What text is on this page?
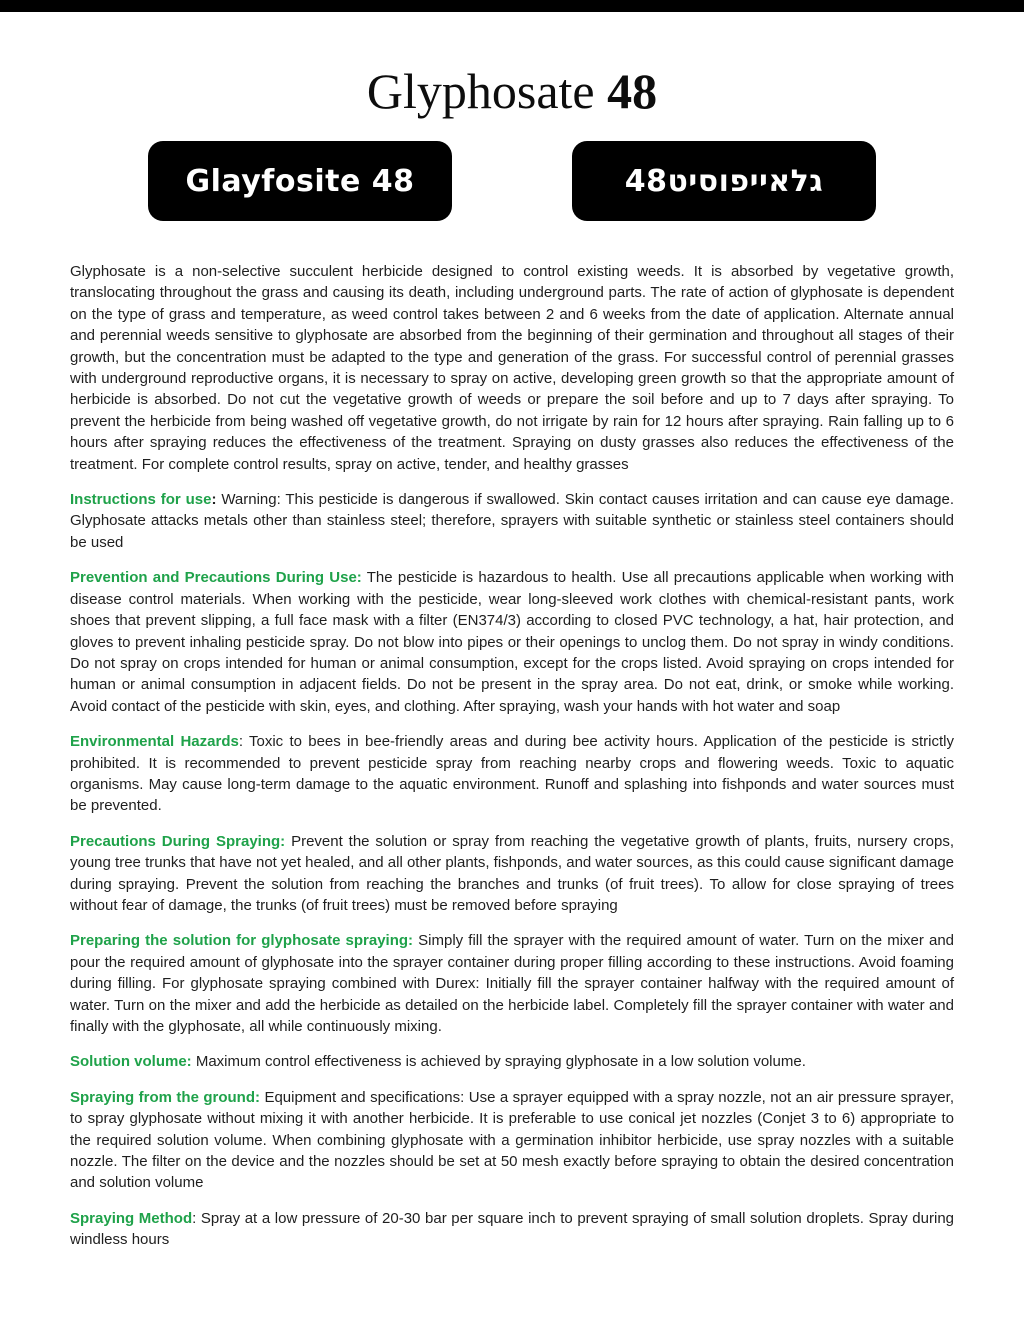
Glyphosate 48
Glayfosite 48	גלאייפוסיט48

Glyphosate is a non-selective succulent herbicide designed to control existing weeds. It is absorbed by vegetative growth, translocating throughout the grass and causing its death, including underground parts. The rate of action of glyphosate is dependent on the type of grass and temperature, as weed control takes between 2 and 6 weeks from the date of application. Alternate annual and perennial weeds sensitive to glyphosate are absorbed from the beginning of their germination and throughout all stages of their growth, but the concentration must be adapted to the type and generation of the grass. For successful control of perennial grasses with underground reproductive organs, it is necessary to spray on active, developing green growth so that the appropriate amount of herbicide is absorbed. Do not cut the vegetative growth of weeds or prepare the soil before and up to 7 days after spraying. To prevent the herbicide from being washed off vegetative growth, do not irrigate by rain for 12 hours after spraying. Rain falling up to 6 hours after spraying reduces the effectiveness of the treatment. Spraying on dusty grasses also reduces the effectiveness of the treatment. For complete control results, spray on active, tender, and healthy grasses

Instructions for use: Warning: This pesticide is dangerous if swallowed. Skin contact causes irritation and can cause eye damage. Glyphosate attacks metals other than stainless steel; therefore, sprayers with suitable synthetic or stainless steel containers should be used

Prevention and Precautions During Use: The pesticide is hazardous to health. Use all precautions applicable when working with disease control materials. When working with the pesticide, wear long-sleeved work clothes with chemical-resistant pants, work shoes that prevent slipping, a full face mask with a filter (EN374/3) according to closed PVC technology, a hat, hair protection, and gloves to prevent inhaling pesticide spray. Do not blow into pipes or their openings to unclog them. Do not spray in windy conditions. Do not spray on crops intended for human or animal consumption, except for the crops listed. Avoid spraying on crops intended for human or animal consumption in adjacent fields. Do not be present in the spray area. Do not eat, drink, or smoke while working. Avoid contact of the pesticide with skin, eyes, and clothing. After spraying, wash your hands with hot water and soap

Environmental Hazards: Toxic to bees in bee-friendly areas and during bee activity hours. Application of the pesticide is strictly prohibited. It is recommended to prevent pesticide spray from reaching nearby crops and flowering weeds. Toxic to aquatic organisms. May cause long-term damage to the aquatic environment. Runoff and splashing into fishponds and water sources must be prevented.

Precautions During Spraying: Prevent the solution or spray from reaching the vegetative growth of plants, fruits, nursery crops, young tree trunks that have not yet healed, and all other plants, fishponds, and water sources, as this could cause significant damage during spraying. Prevent the solution from reaching the branches and trunks (of fruit trees). To allow for close spraying of trees without fear of damage, the trunks (of fruit trees) must be removed before spraying

Preparing the solution for glyphosate spraying: Simply fill the sprayer with the required amount of water. Turn on the mixer and pour the required amount of glyphosate into the sprayer container during proper filling according to these instructions. Avoid foaming during filling. For glyphosate spraying combined with Durex: Initially fill the sprayer container halfway with the required amount of water. Turn on the mixer and add the herbicide as detailed on the herbicide label. Completely fill the sprayer container with water and finally with the glyphosate, all while continuously mixing.

Solution volume: Maximum control effectiveness is achieved by spraying glyphosate in a low solution volume.

Spraying from the ground: Equipment and specifications: Use a sprayer equipped with a spray nozzle, not an air pressure sprayer, to spray glyphosate without mixing it with another herbicide. It is preferable to use conical jet nozzles (Conjet 3 to 6) appropriate to the required solution volume. When combining glyphosate with a germination inhibitor herbicide, use spray nozzles with a suitable nozzle. The filter on the device and the nozzles should be set at 50 mesh exactly before spraying to obtain the desired concentration and solution volume

Spraying Method: Spray at a low pressure of 20-30 bar per square inch to prevent spraying of small solution droplets. Spray during windless hours
